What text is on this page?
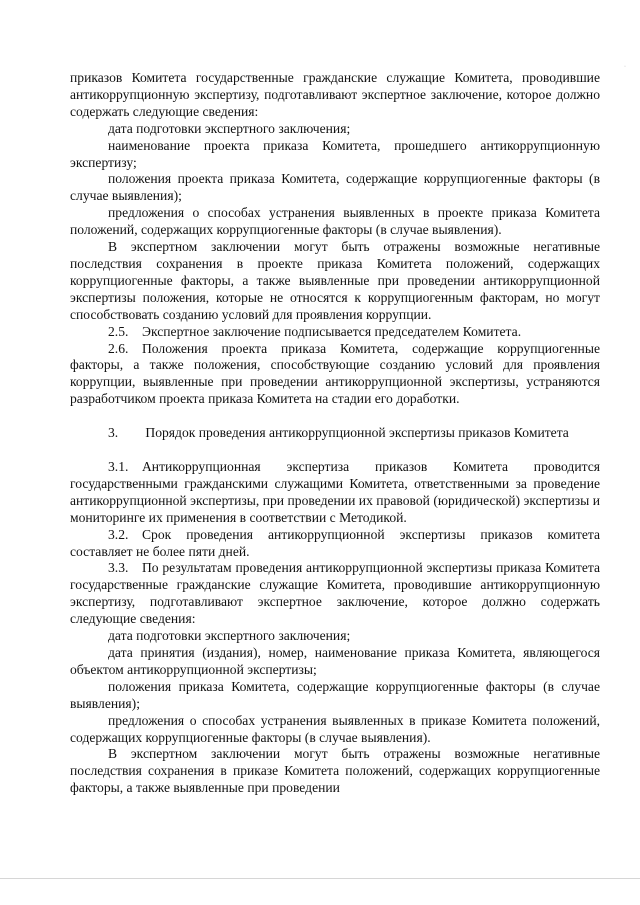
·

приказов Комитета государственные гражданские служащие Комитета, проводившие антикоррупционную экспертизу, подготавливают экспертное заключение, которое должно содержать следующие сведения:

дата подготовки экспертного заключения;

наименование проекта приказа Комитета, прошедшего антикоррупционную экспертизу;

положения проекта приказа Комитета, содержащие коррупциогенные факторы (в случае выявления);

предложения о способах устранения выявленных в проекте приказа Комитета положений, содержащих коррупциогенные факторы (в случае выявления).

В экспертном заключении могут быть отражены возможные негативные последствия сохранения в проекте приказа Комитета положений, содержащих коррупциогенные факторы, а также выявленные при проведении антикоррупционной экспертизы положения, которые не относятся к коррупциогенным факторам, но могут способствовать созданию условий для проявления коррупции.

2.5. Экспертное заключение подписывается председателем Комитета.

2.6. Положения проекта приказа Комитета, содержащие коррупциогенные факторы, а также положения, способствующие созданию условий для проявления коррупции, выявленные при проведении антикоррупционной экспертизы, устраняются разработчиком проекта приказа Комитета на стадии его доработки.

3.  Порядок проведения антикоррупционной экспертизы приказов Комитета

3.1. Антикоррупционная экспертиза приказов Комитета проводится государственными гражданскими служащими Комитета, ответственными за проведение антикоррупционной экспертизы, при проведении их правовой (юридической) экспертизы и мониторинге их применения в соответствии с Методикой.

3.2. Срок проведения антикоррупционной экспертизы приказов комитета составляет не более пяти дней.

3.3. По результатам проведения антикоррупционной экспертизы приказа Комитета государственные гражданские служащие Комитета, проводившие антикоррупционную экспертизу, подготавливают экспертное заключение, которое должно содержать следующие сведения:

дата подготовки экспертного заключения;

дата принятия (издания), номер, наименование приказа Комитета, являющегося объектом антикоррупционной экспертизы;

положения приказа Комитета, содержащие коррупциогенные факторы (в случае выявления);

предложения о способах устранения выявленных в приказе Комитета положений, содержащих коррупциогенные факторы (в случае выявления).

В экспертном заключении могут быть отражены возможные негативные последствия сохранения в приказе Комитета положений, содержащих коррупциогенные факторы, а также выявленные при проведении
